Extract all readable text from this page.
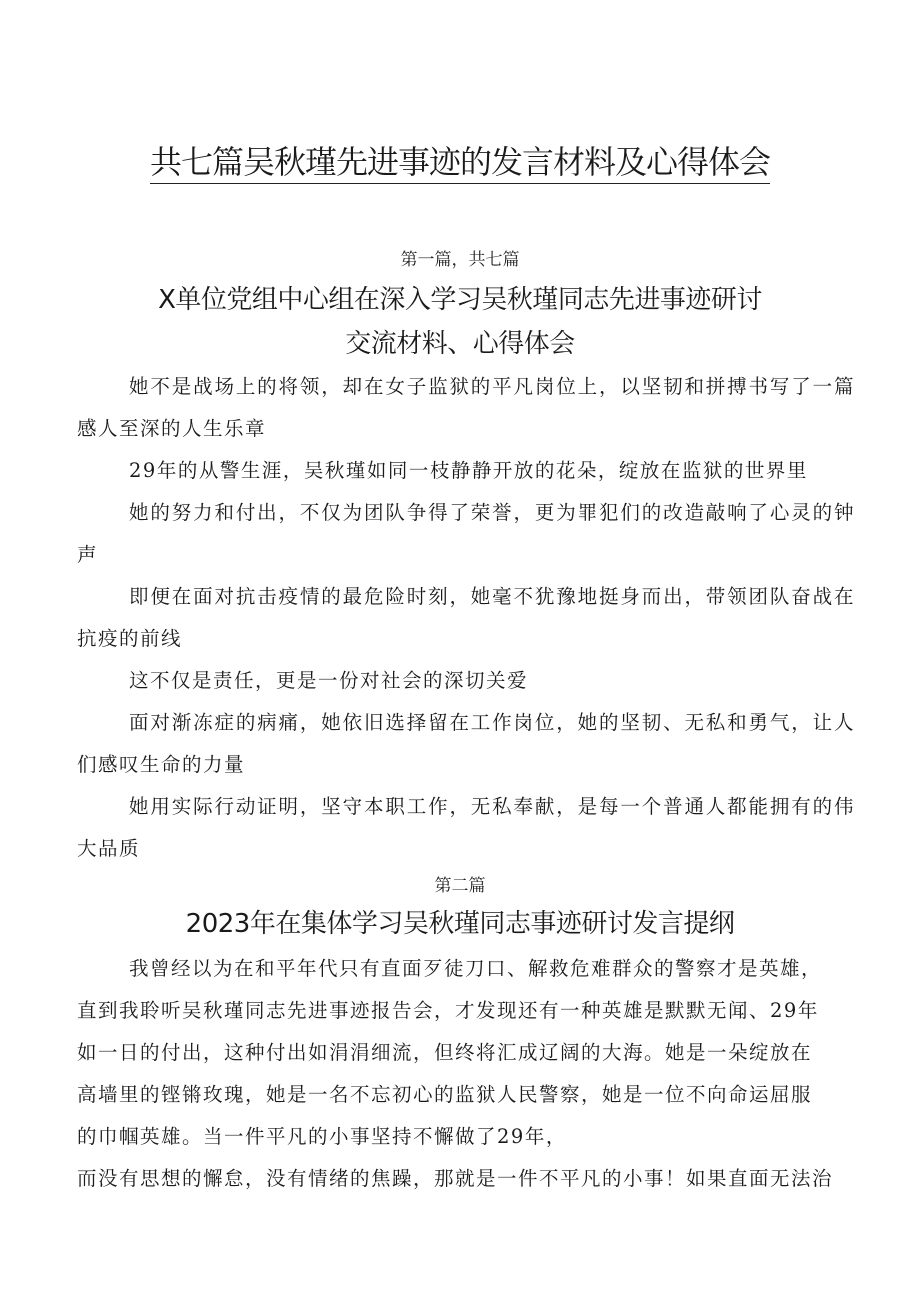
共七篇吴秋瑾先进事迹的发言材料及心得体会
第一篇，共七篇
X单位党组中心组在深入学习吴秋瑾同志先进事迹研讨
交流材料、心得体会

她不是战场上的将领，却在女子监狱的平凡岗位上，以坚韧和拼搏书写了一篇感人至深的人生乐章

29年的从警生涯，吴秋瑾如同一枝静静开放的花朵，绽放在监狱的世界里

她的努力和付出，不仅为团队争得了荣誉，更为罪犯们的改造敲响了心灵的钟声

即便在面对抗击疫情的最危险时刻，她毫不犹豫地挺身而出，带领团队奋战在抗疫的前线

这不仅是责任，更是一份对社会的深切关爱

面对渐冻症的病痛，她依旧选择留在工作岗位，她的坚韧、无私和勇气，让人们感叹生命的力量

她用实际行动证明，坚守本职工作，无私奉献，是每一个普通人都能拥有的伟大品质

第二篇
2023年在集体学习吴秋瑾同志事迹研讨发言提纲

我曾经以为在和平年代只有直面歹徒刀口、解救危难群众的警察才是英雄，

直到我聆听吴秋瑾同志先进事迹报告会，才发现还有一种英雄是默默无闻、29年

如一日的付出，这种付出如涓涓细流，但终将汇成辽阔的大海。她是一朵绽放在

高墙里的铿锵玫瑰，她是一名不忘初心的监狱人民警察，她是一位不向命运屈服

的巾帼英雄。当一件平凡的小事坚持不懈做了29年，

而没有思想的懈怠，没有情绪的焦躁，那就是一件不平凡的小事！如果直面无法治
